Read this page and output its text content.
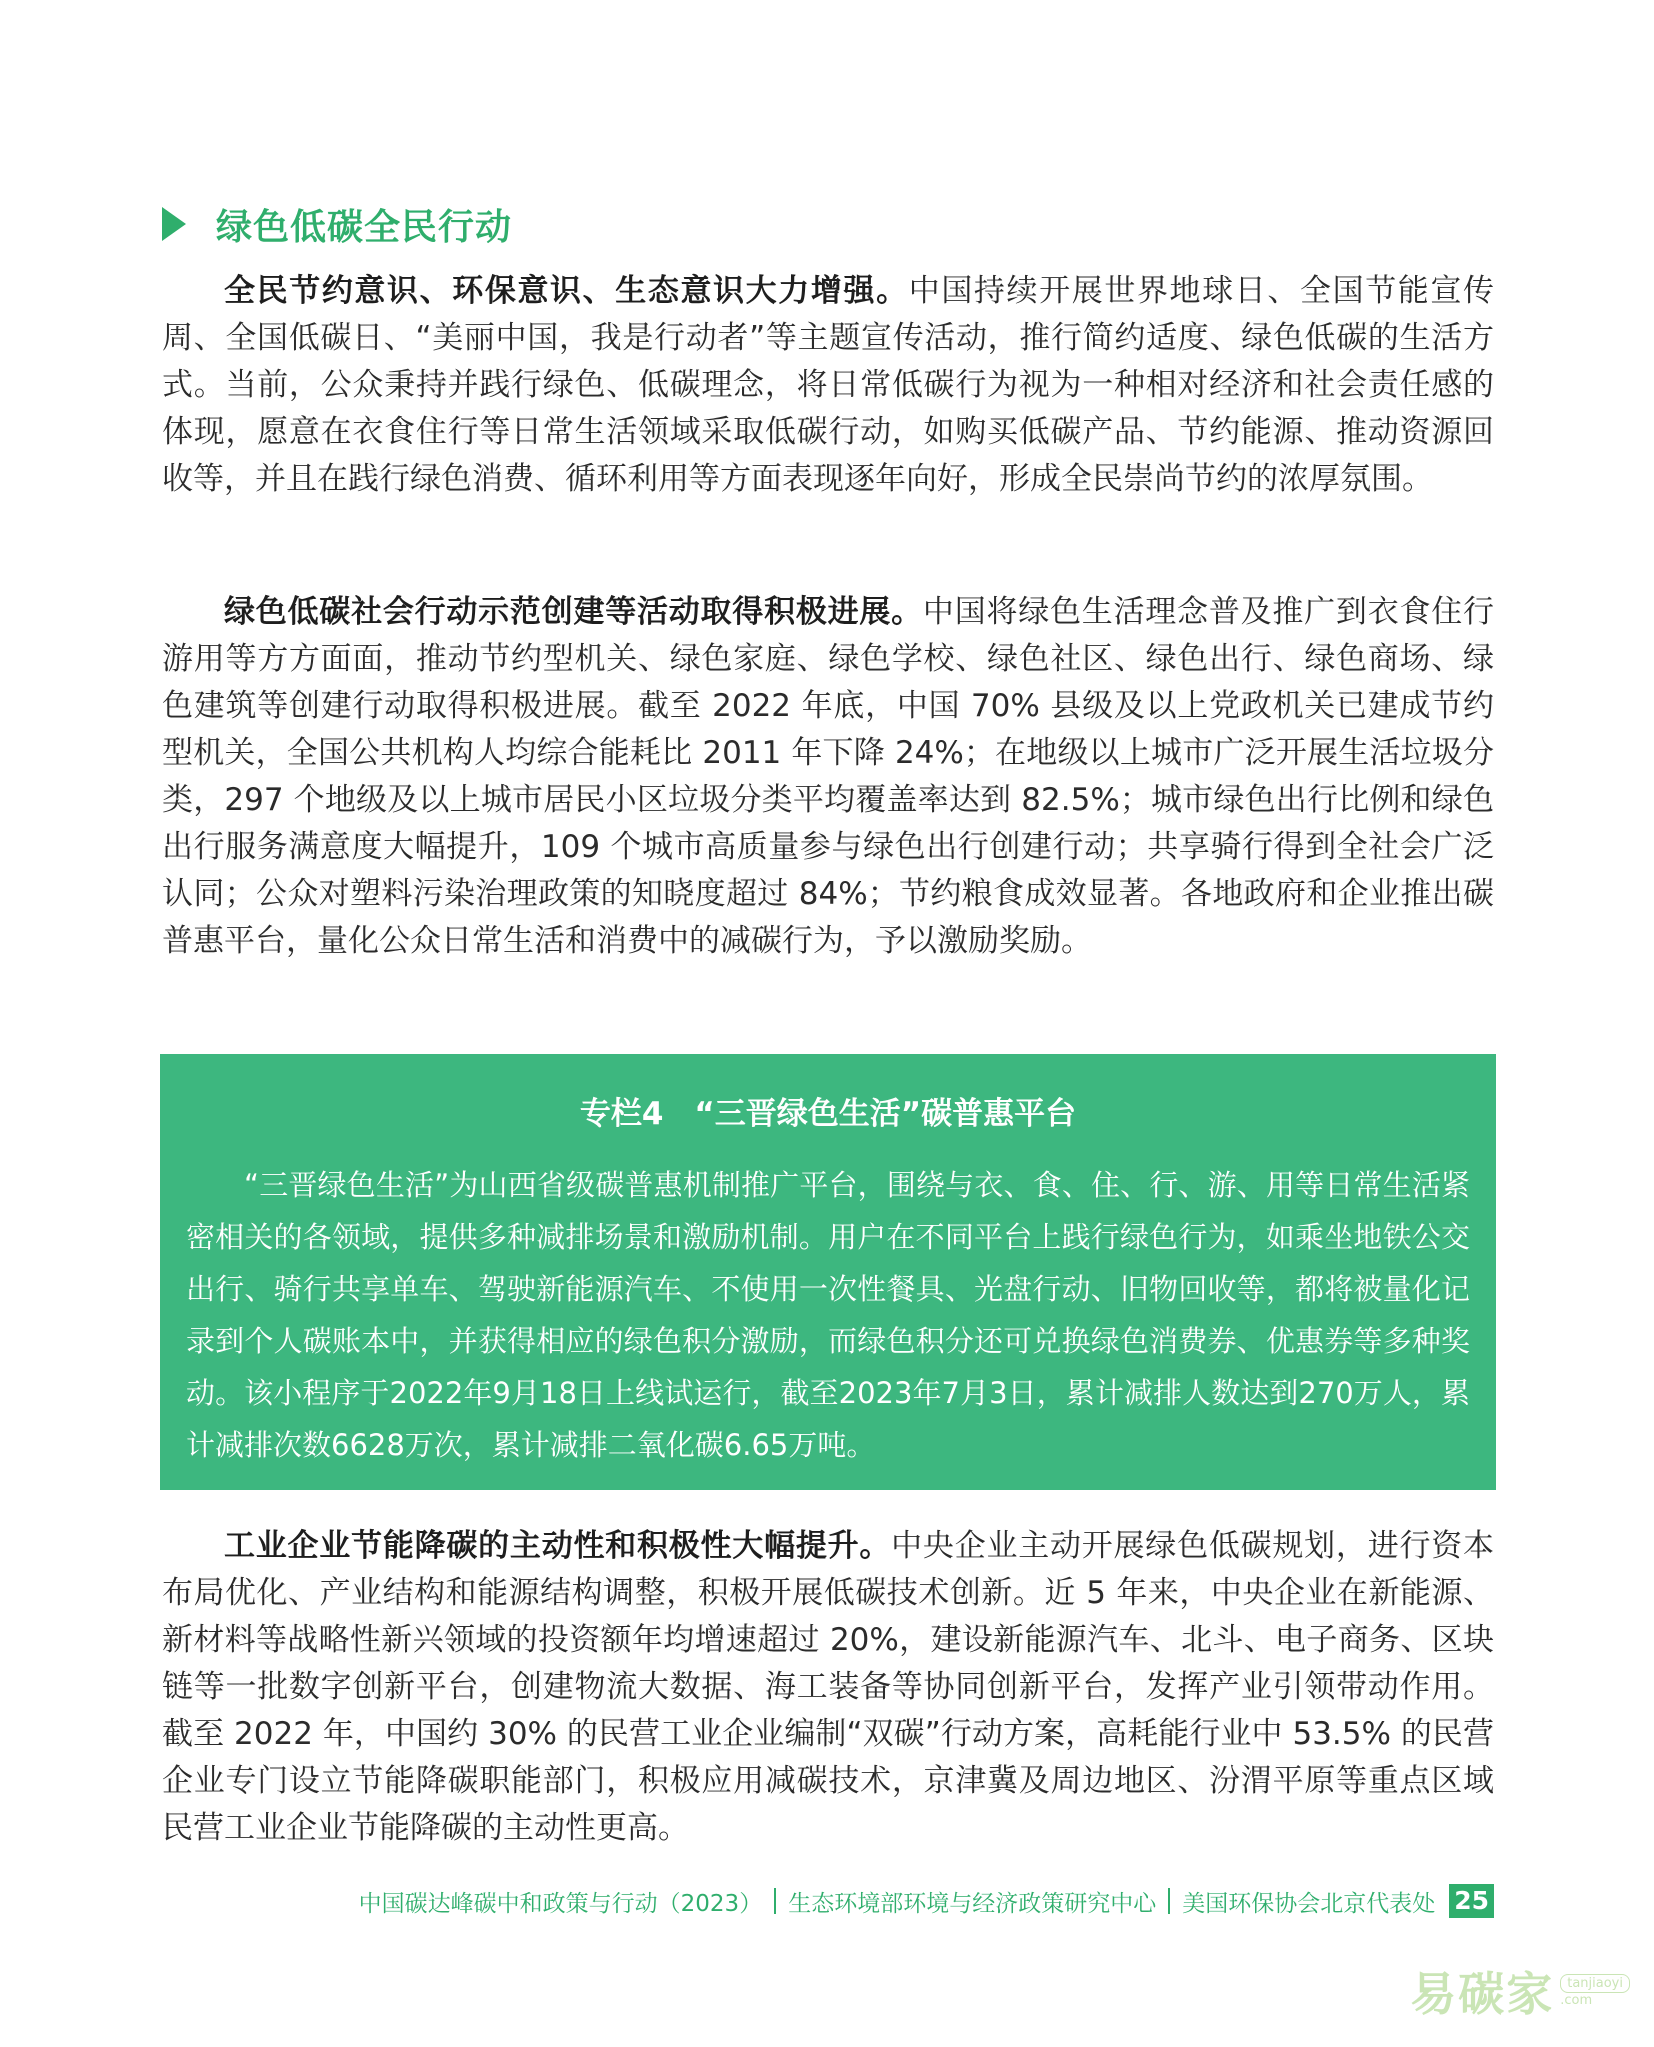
绿色低碳全民行动

全民节约意识、环保意识、生态意识大力增强。中国持续开展世界地球日、全国节能宣传周、全国低碳日、“美丽中国，我是行动者”等主题宣传活动，推行简约适度、绿色低碳的生活方式。当前，公众秉持并践行绿色、低碳理念，将日常低碳行为视为一种相对经济和社会责任感的体现，愿意在衣食住行等日常生活领域采取低碳行动，如购买低碳产品、节约能源、推动资源回收等，并且在践行绿色消费、循环利用等方面表现逐年向好，形成全民崇尚节约的浓厚氛围。

绿色低碳社会行动示范创建等活动取得积极进展。中国将绿色生活理念普及推广到衣食住行游用等方方面面，推动节约型机关、绿色家庭、绿色学校、绿色社区、绿色出行、绿色商场、绿色建筑等创建行动取得积极进展。截至 2022 年底，中国 70% 县级及以上党政机关已建成节约型机关，全国公共机构人均综合能耗比 2011 年下降 24%；在地级以上城市广泛开展生活垃圾分类，297 个地级及以上城市居民小区垃圾分类平均覆盖率达到 82.5%；城市绿色出行比例和绿色出行服务满意度大幅提升，109 个城市高质量参与绿色出行创建行动；共享骑行得到全社会广泛认同；公众对塑料污染治理政策的知晓度超过 84%；节约粮食成效显著。各地政府和企业推出碳普惠平台，量化公众日常生活和消费中的减碳行为，予以激励奖励。

专栏4　“三晋绿色生活”碳普惠平台

“三晋绿色生活”为山西省级碳普惠机制推广平台，围绕与衣、食、住、行、游、用等日常生活紧密相关的各领域，提供多种减排场景和激励机制。用户在不同平台上践行绿色行为，如乘坐地铁公交出行、骑行共享单车、驾驶新能源汽车、不使用一次性餐具、光盘行动、旧物回收等，都将被量化记录到个人碳账本中，并获得相应的绿色积分激励，而绿色积分还可兑换绿色消费券、优惠券等多种奖动。该小程序于2022年9月18日上线试运行，截至2023年7月3日，累计减排人数达到270万人，累计减排次数6628万次，累计减排二氧化碳6.65万吨。

工业企业节能降碳的主动性和积极性大幅提升。中央企业主动开展绿色低碳规划，进行资本布局优化、产业结构和能源结构调整，积极开展低碳技术创新。近 5 年来，中央企业在新能源、新材料等战略性新兴领域的投资额年均增速超过 20%，建设新能源汽车、北斗、电子商务、区块链等一批数字创新平台，创建物流大数据、海工装备等协同创新平台，发挥产业引领带动作用。截至 2022 年，中国约 30% 的民营工业企业编制“双碳”行动方案，高耗能行业中 53.5% 的民营企业专门设立节能降碳职能部门，积极应用减碳技术，京津冀及周边地区、汾渭平原等重点区域民营工业企业节能降碳的主动性更高。

中国碳达峰碳中和政策与行动（2023） 生态环境部环境与经济政策研究中心 美国环保协会北京代表处 25
易碳家	tanjiaoyi
.com
